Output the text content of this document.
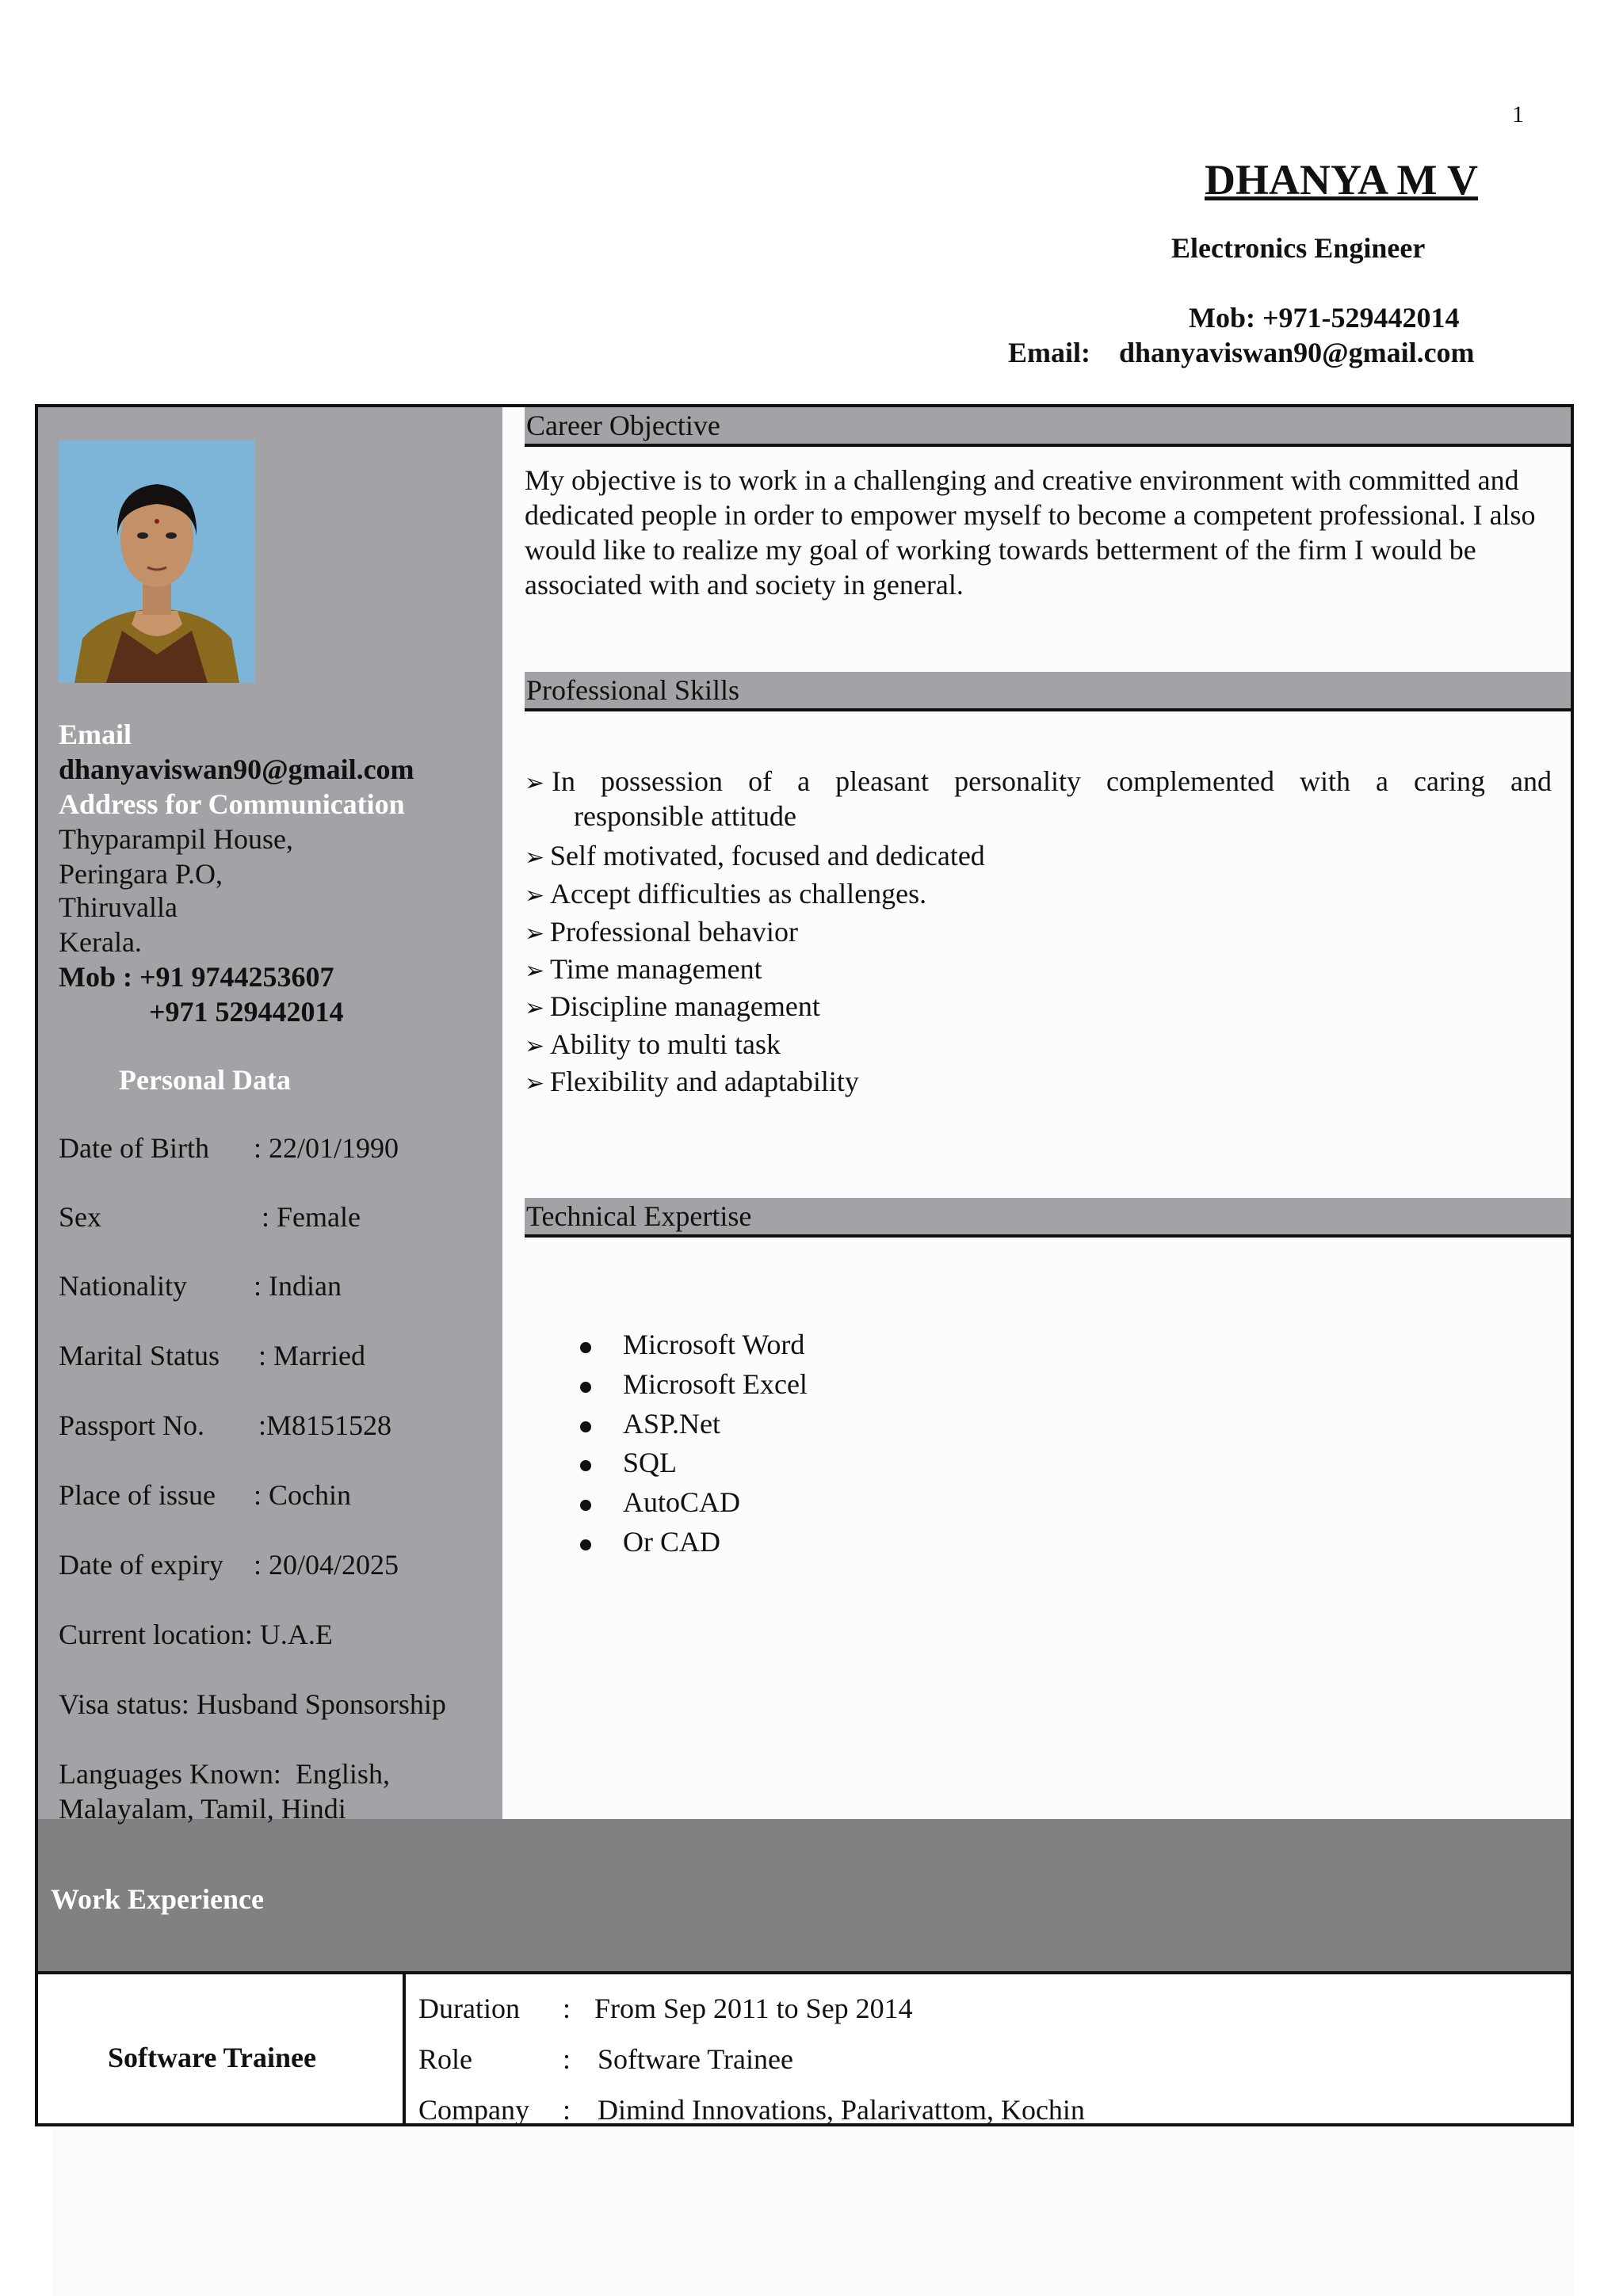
1
DHANYA M V
Electronics Engineer
Mob: +971-529442014
Email: dhanyaviswan90@gmail.com
Work Experience
Email
dhanyaviswan90@gmail.com
Address for Communication
Thyparampil House,
Peringara P.O,
Thiruvalla
Kerala.
Mob : +91 9744253607
+971 529442014
Personal Data
Date of Birth : 22/01/1990
Sex	: Female
Nationality : Indian
Marital Status : Married
Passport No. :M8151528
Place of issue : Cochin
Date of expiry : 20/04/2025
Current location: U.A.E
Visa status: Husband Sponsorship
Languages Known:  English,
Malayalam, Tamil, Hindi
Career Objective
My objective is to work in a challenging and creative environment with committed and dedicated people in order to empower myself to become a competent professional. I also would like to realize my goal of working towards betterment of the firm I would be associated with and society in general.
Professional Skills
➢ In possession of a pleasant personality complemented with a caring and
responsible attitude
➢ Self motivated, focused and dedicated
➢ Accept difficulties as challenges.
➢ Professional behavior
➢ Time management
➢ Discipline management
➢ Ability to multi task
➢ Flexibility and adaptability
Technical Expertise
Microsoft Word
Microsoft Excel
ASP.Net
SQL
AutoCAD
Or CAD
Software Trainee
Duration : From Sep 2011 to Sep 2014
Role	: Software Trainee
Company : Dimind Innovations, Palarivattom, Kochin
